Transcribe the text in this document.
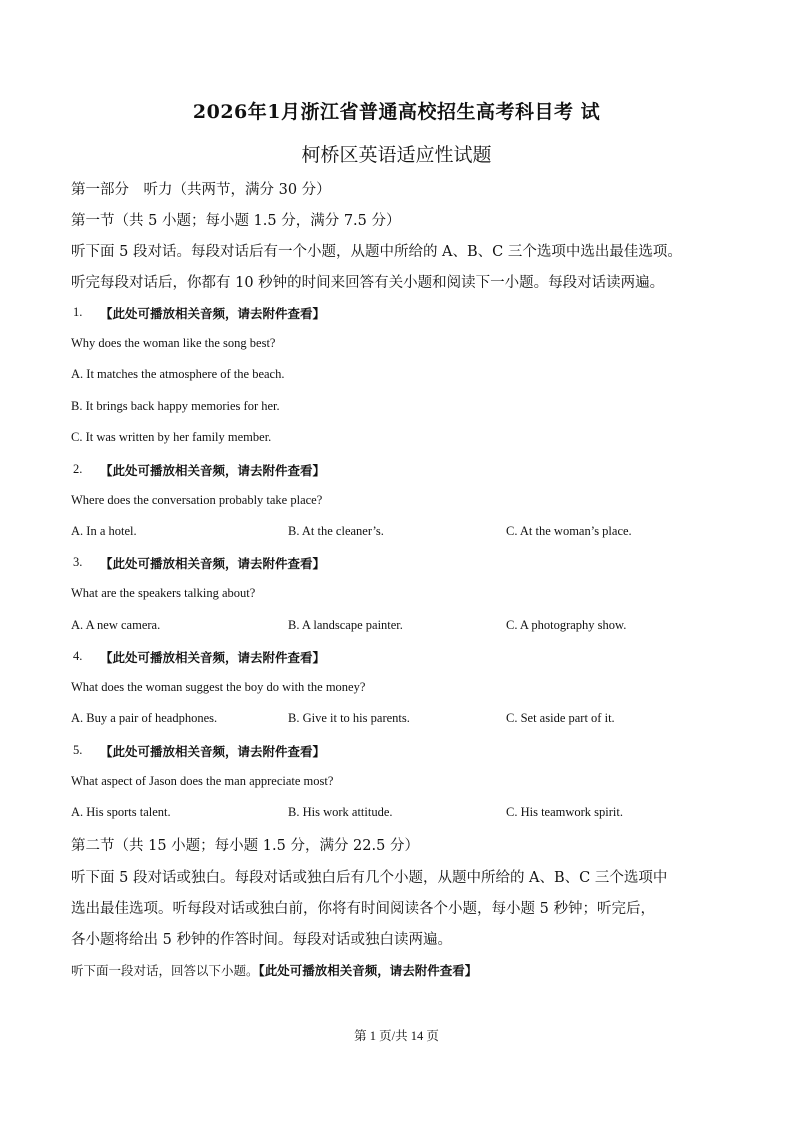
2026年1月浙江省普通高校招生高考科目考 试
柯桥区英语适应性试题
第一部分　听力（共两节，满分 30 分）
第一节（共 5 小题；每小题 1.5 分，满分 7.5 分）
听下面 5 段对话。每段对话后有一个小题，从题中所给的 A、B、C 三个选项中选出最佳选项。
听完每段对话后，你都有 10 秒钟的时间来回答有关小题和阅读下一小题。每段对话读两遍。
1. 【此处可播放相关音频，请去附件查看】
Why does the woman like the song best?
A. It matches the atmosphere of the beach.
B. It brings back happy memories for her.
C. It was written by her family member.
2. 【此处可播放相关音频，请去附件查看】
Where does the conversation probably take place?
A. In a hotel.	B. At the cleaner’s.	C. At the woman’s place.
3. 【此处可播放相关音频，请去附件查看】
What are the speakers talking about?
A. A new camera.	B. A landscape painter.	C. A photography show.
4. 【此处可播放相关音频，请去附件查看】
What does the woman suggest the boy do with the money?
A. Buy a pair of headphones.	B. Give it to his parents.	C. Set aside part of it.
5. 【此处可播放相关音频，请去附件查看】
What aspect of Jason does the man appreciate most?
A. His sports talent.	B. His work attitude.	C. His teamwork spirit.
第二节（共 15 小题；每小题 1.5 分，满分 22.5 分）
听下面 5 段对话或独白。每段对话或独白后有几个小题，从题中所给的 A、B、C 三个选项中
选出最佳选项。听每段对话或独白前，你将有时间阅读各个小题，每小题 5 秒钟；听完后，
各小题将给出 5 秒钟的作答时间。每段对话或独白读两遍。
听下面一段对话，回答以下小题。【此处可播放相关音频，请去附件查看】
第 1 页/共 14 页
